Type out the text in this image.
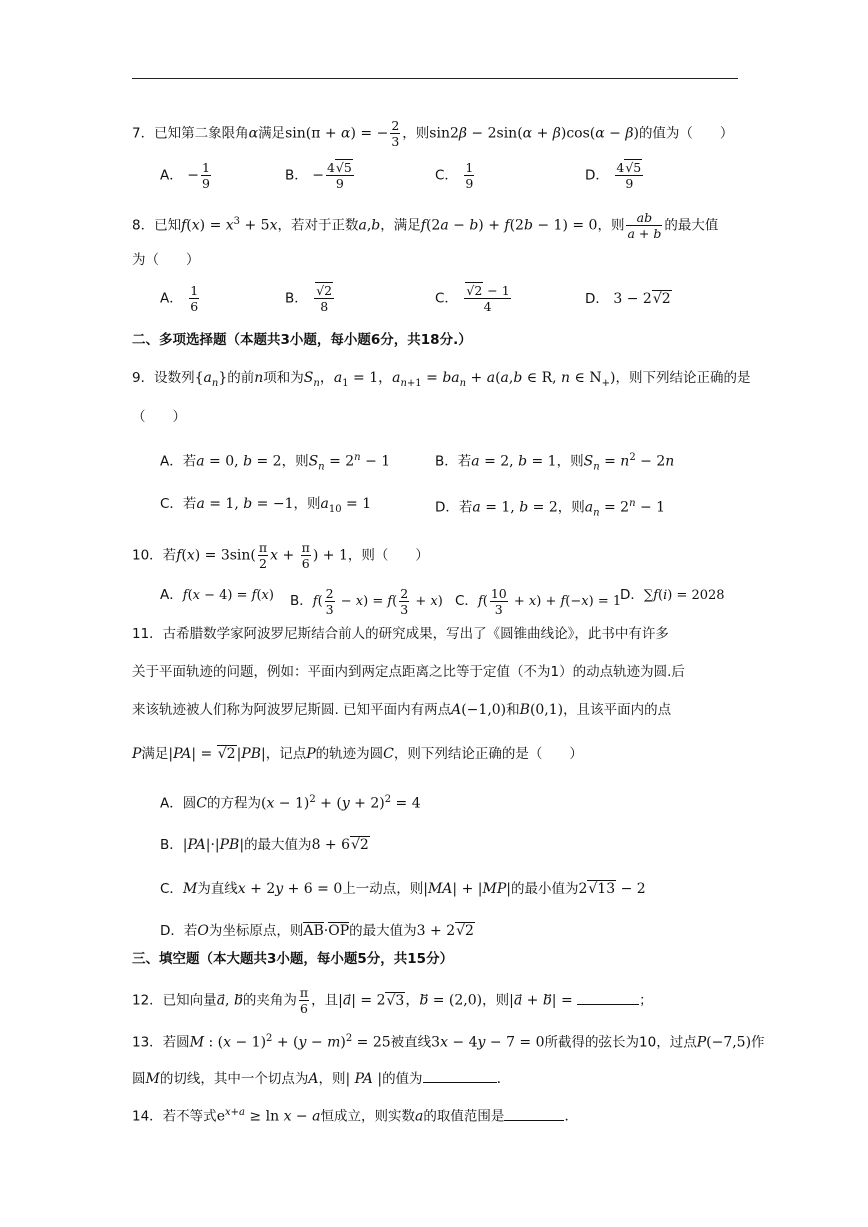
7．已知第二象限角α满足sin(π + α) = − $\frac{2}{3}$ ，则sin2β − 2sin(α + β)cos(α − β)的值为（　　）
A． − $\frac{1}{9}$	B． − $\frac{4√5}{9}$	C． $\frac{1}{9}$	D． $\frac{4√5}{9}$
8．已知$f(x) = x^3 + 5x$，若对于正数a,b，满足f(2a − b) + f(2b − 1) = 0，则 $\frac{ab}{a + b}$ 的最大值
为（　　）
A． $\frac{1}{6}$	B． $\frac{√2}{8}$	C． $\frac{√2 - 1}{4}$	D． 3 − 2√2
二、多项选择题（本题共3小题，每小题6分，共18分.）
9．设数列$\{a_n\}$的前n项和为$S_n$，$a_1 = 1$，$a_{n+1} = ba_n + a(a,b$ ∈ R, n ∈ $N_+$)，则下列结论正确的是
（　　）
A．若a = 0, b = 2，则$S_n = 2^n - 1$	B．若a = 2, b = 1，则$S_n = n^2 - 2n$
C．若a = 1, b = −1，则$a_{10} = 1$	D．若a = 1, b = 2，则$a_n = 2^n - 1$
10．若$f(x) = 3\sin( \frac{\pi}{2}$ $x + \frac{\pi}{6}$ ) + 1，则（　　）
A．f(x − 4) = f(x) B．$f( \frac{2}{3} - x) = f( \frac{2}{3} + x)$ C．$f( \frac{10}{3} + x) + f(-x) = 1$
D．∑f(i) = 2028
11．古希腊数学家阿波罗尼斯结合前人的研究成果，写出了《圆锥曲线论》，此书中有许多
关于平面轨迹的问题，例如：平面内到两定点距离之比等于定值（不为1）的动点轨迹为圆.后
来该轨迹被人们称为阿波罗尼斯圆. 已知平面内有两点A(−1,0)和B(0,1)，且该平面内的点
P满足|PA| = √2|PB|，记点P的轨迹为圆C，则下列结论正确的是（　　）
A．圆C的方程为$(x - 1)^2 + (y + 2)^2 = 4$
B．|PA|·|PB|的最大值为8 + 6√2
C．M为直线x + 2y + 6 = 0上一动点，则|MA| + |MP|的最小值为2√13 − 2
D．若O为坐标原点，则AB·OP的最大值为3 + 2√2
三、填空题（本大题共3小题，每小题5分，共15分）
12．已知向量a⃗, b的夹角为 $\frac{\pi}{6}$ ，且|a⃗| = 2√3，b⃗ = (2,0)，则|a⃗ + b⃗| =	；
13．若圆M : $(x - 1)^2 + (y - m)^2 = 25$被直线3x − 4y − 7 = 0所截得的弦长为10，过点P(−7,5)作
圆M的切线，其中一个切点为A，则| PA |的值为	.
14．若不等式$e^{x+a} \ge \ln x - a$恒成立，则实数a的取值范围是	.
